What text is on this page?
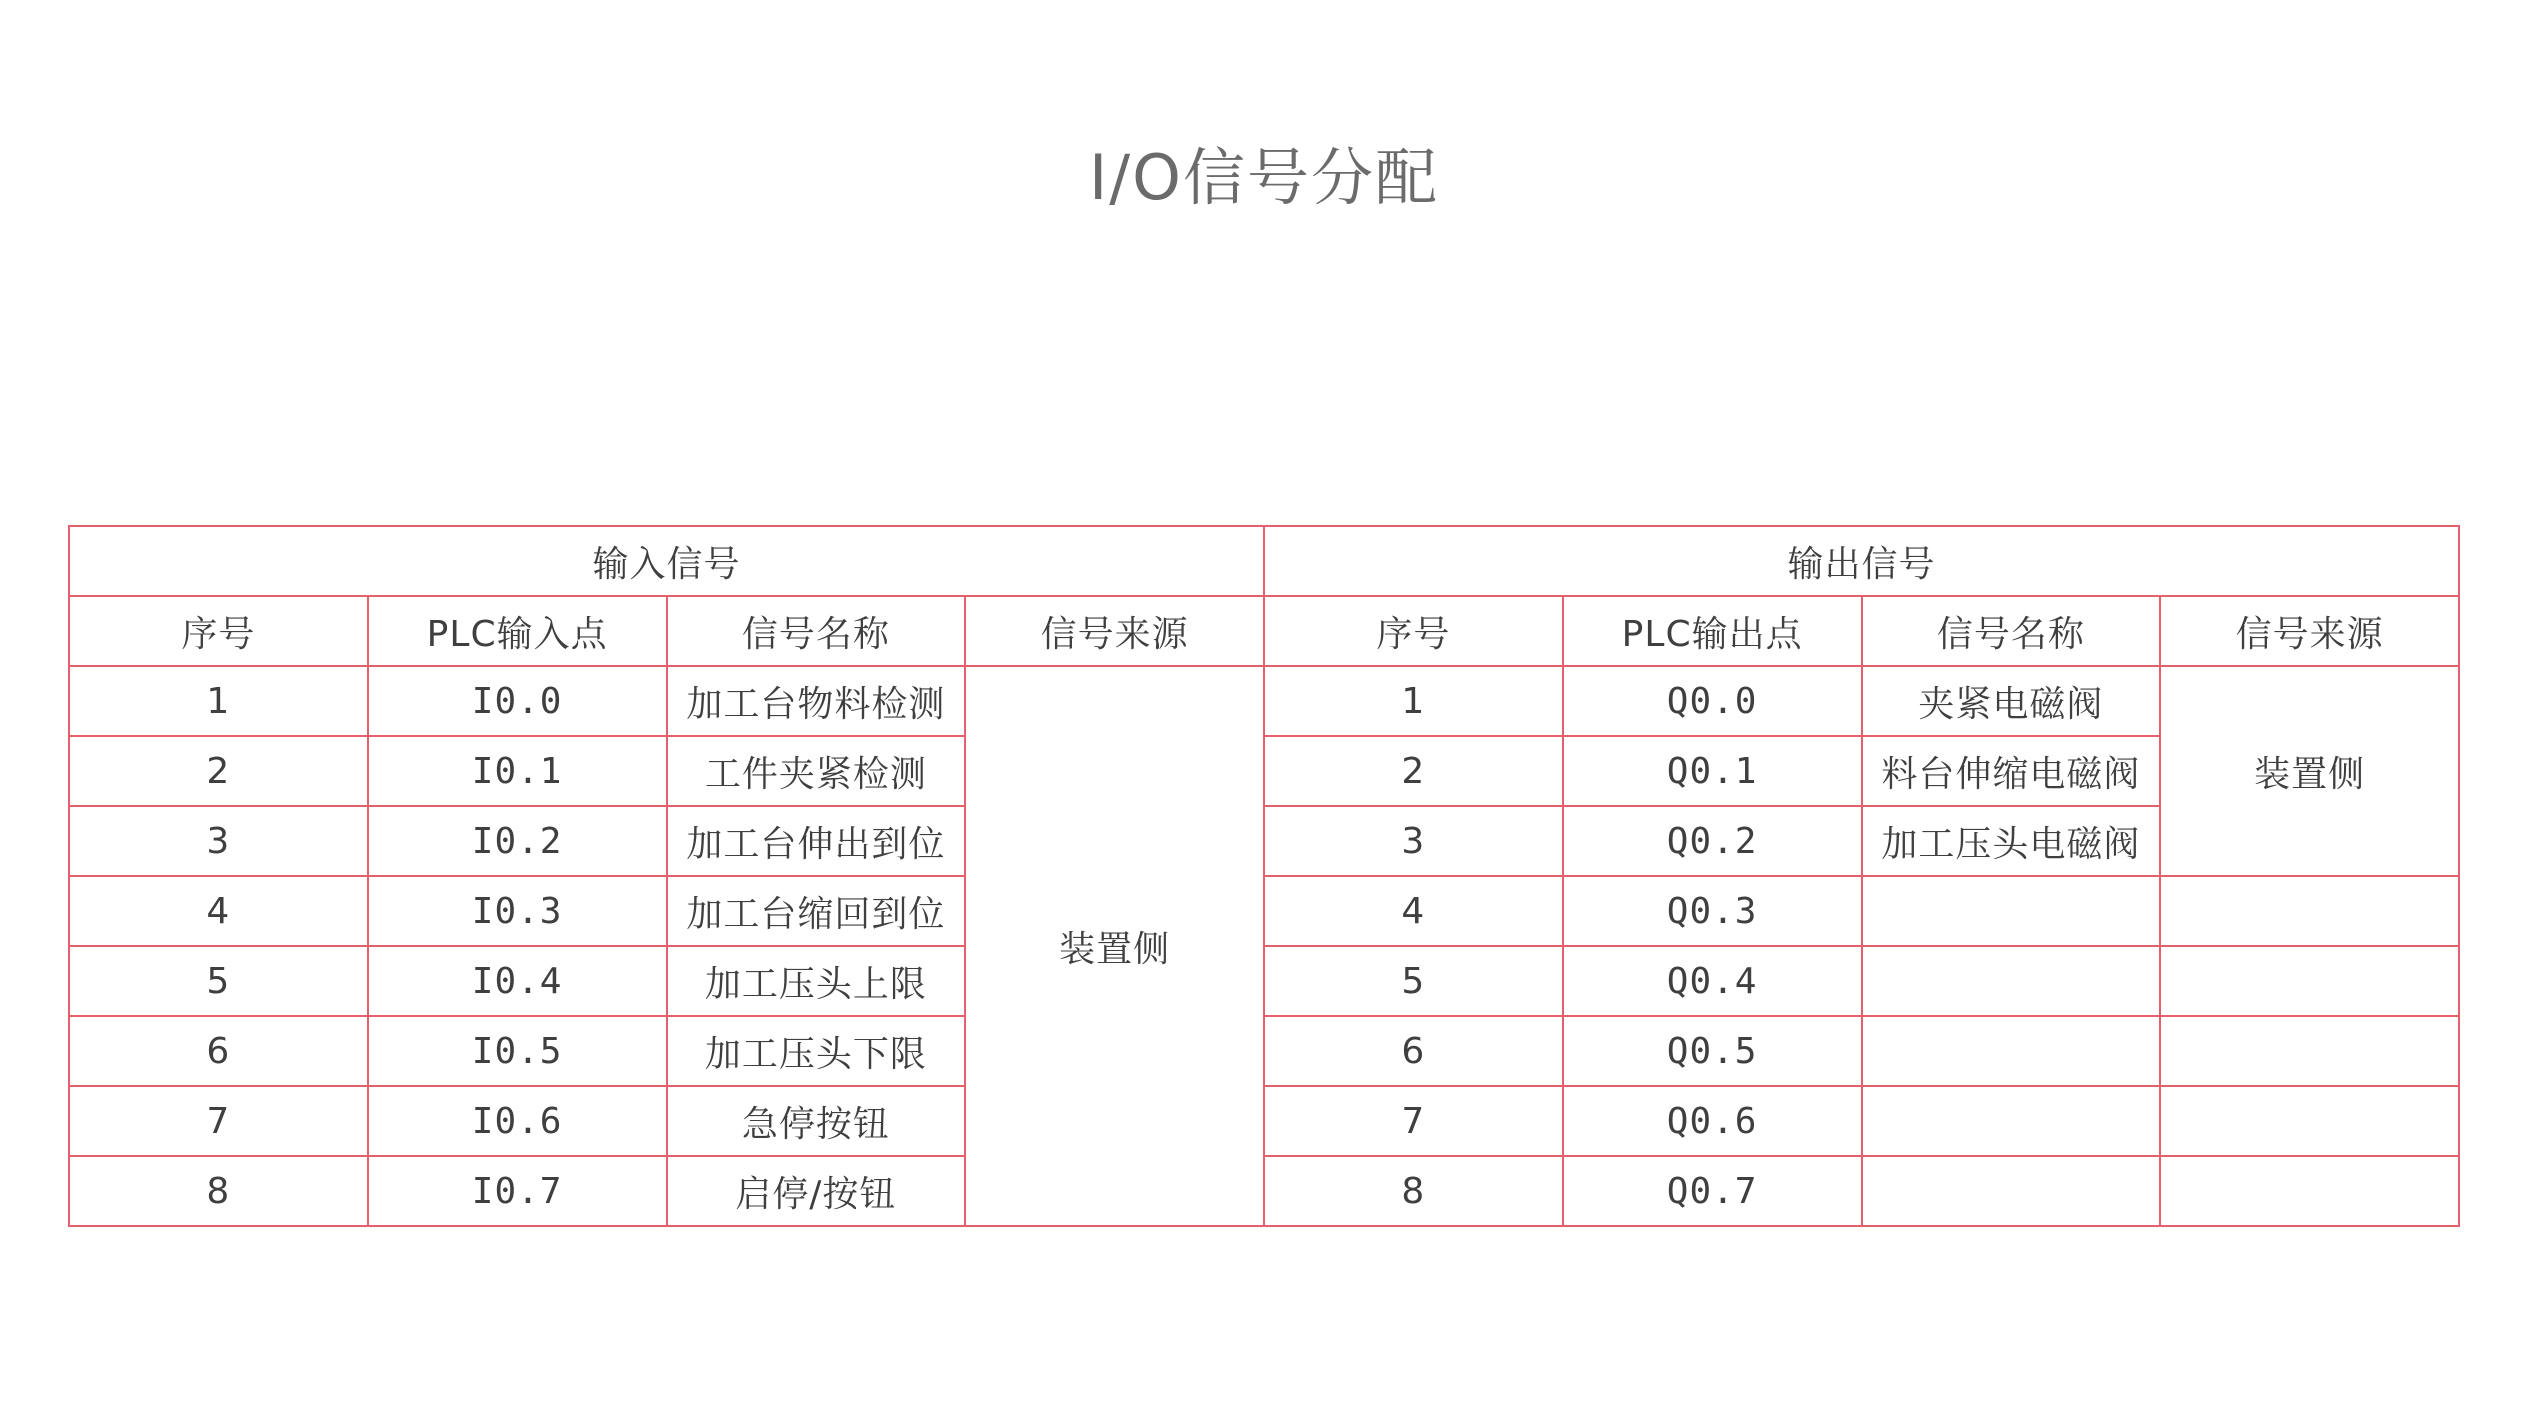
I/O信号分配
输入信号				输出信号			
序号	PLC输入点	信号名称	信号来源	序号	PLC输出点	信号名称	信号来源
1	I0.0	加工台物料检测	装置侧	1	Q0.0	夹紧电磁阀	装置侧
2	I0.1	工件夹紧检测		2	Q0.1	料台伸缩电磁阀	
3	I0.2	加工台伸出到位		3	Q0.2	加工压头电磁阀	
4	I0.3	加工台缩回到位		4	Q0.3		
5	I0.4	加工压头上限		5	Q0.4		
6	I0.5	加工压头下限		6	Q0.5		
7	I0.6	急停按钮		7	Q0.6		
8	I0.7	启停/按钮		8	Q0.7		
